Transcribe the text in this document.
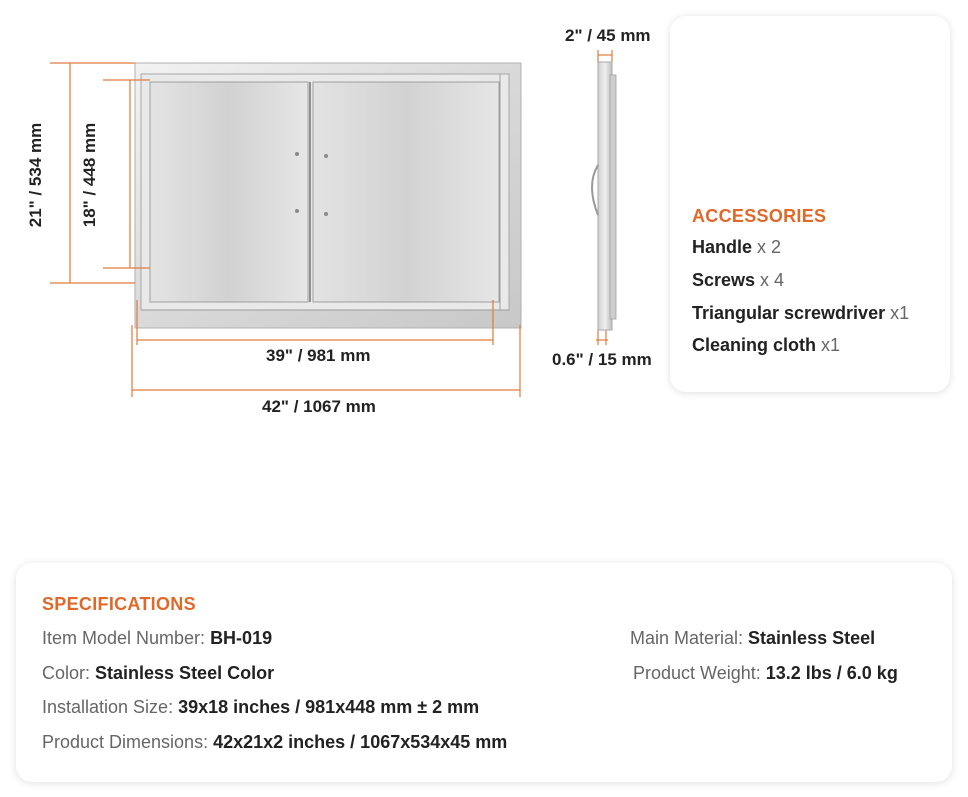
21" / 534 mm 18" / 448 mm
39" / 981 mm
42" / 1067 mm
2" / 45 mm
0.6" / 15 mm
ACCESSORIES
Handle x 2
Screws x 4
Triangular screwdriver x1
Cleaning cloth x1
SPECIFICATIONS
Item Model Number: BH-019
Color: Stainless Steel Color
Installation Size: 39x18 inches / 981x448 mm ± 2 mm
Product Dimensions: 42x21x2 inches / 1067x534x45 mm
Main Material: Stainless Steel
Product Weight: 13.2 lbs / 6.0 kg
